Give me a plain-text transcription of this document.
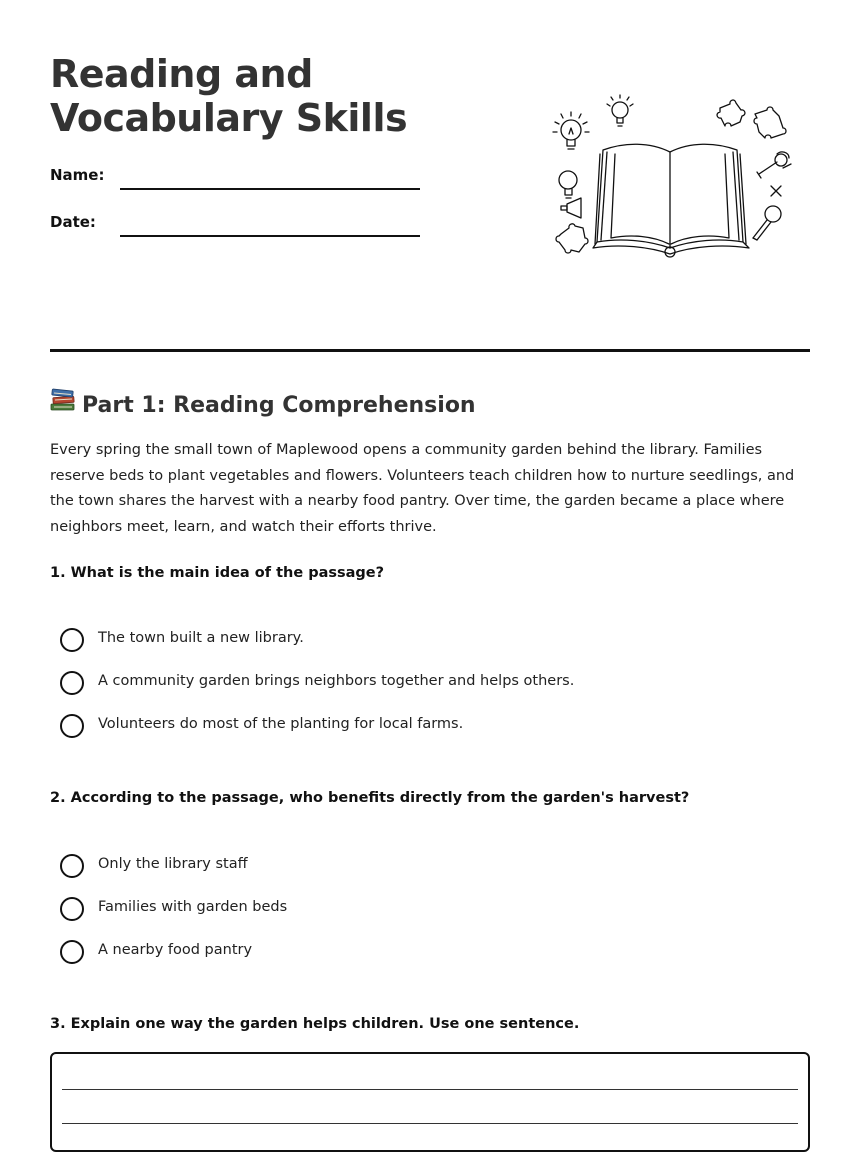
Reading and Vocabulary Skills
Name:
Date:
Part 1: Reading Comprehension

Every spring the small town of Maplewood opens a community garden behind the library. Families reserve beds to plant vegetables and flowers. Volunteers teach children how to nurture seedlings, and the town shares the harvest with a nearby food pantry. Over time, the garden became a place where neighbors meet, learn, and watch their efforts thrive.

1. What is the main idea of the passage?

The town built a new library.
A community garden brings neighbors together and helps others.
Volunteers do most of the planting for local farms.

2. According to the passage, who benefits directly from the garden's harvest?

Only the library staff
Families with garden beds
A nearby food pantry

3. Explain one way the garden helps children. Use one sentence.
